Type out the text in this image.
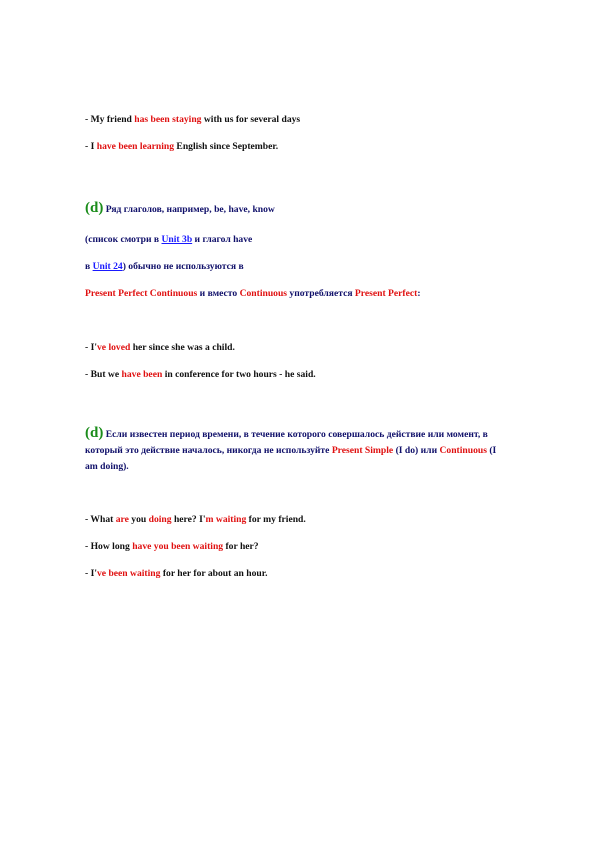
- My friend has been staying with us for several days
- I have been learning English since September.
(d) Ряд глаголов, например, be, have, know
(список смотри в Unit 3b и глагол have
в Unit 24) обычно не используются в
Present Perfect Continuous и вместо Continuous употребляется Present Perfect:
- I've loved her since she was a child.
- But we have been in conference for two hours - he said.
(d) Если известен период времени, в течение которого совершалось действие или момент, в который это действие началось, никогда не используйте Present Simple (I do) или Continuous (I am doing).
- What are you doing here? I'm waiting for my friend.
- How long have you been waiting for her?
- I've been waiting for her for about an hour.
